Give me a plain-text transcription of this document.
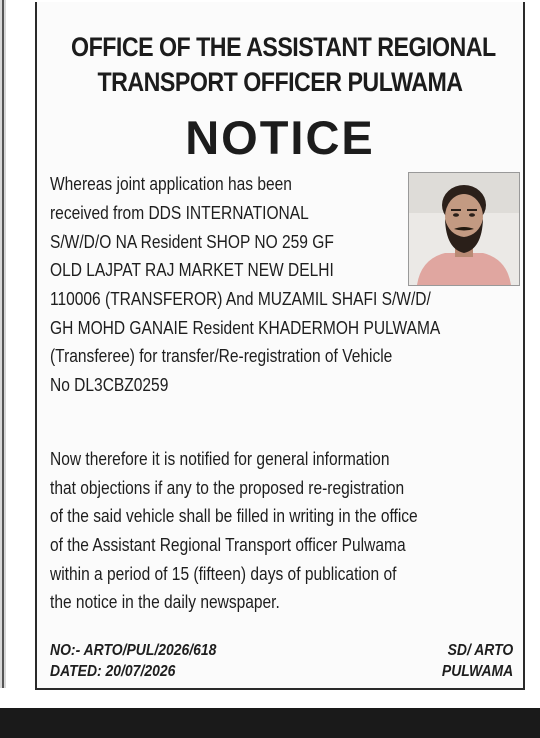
OFFICE OF THE ASSISTANT REGIONAL
TRANSPORT OFFICER PULWAMA
NOTICE
Whereas joint application has been
received from DDS INTERNATIONAL
S/W/D/O NA Resident SHOP NO 259 GF
OLD LAJPAT RAJ MARKET NEW DELHI
110006 (TRANSFEROR) And MUZAMIL SHAFI S/W/D/
GH MOHD GANAIE Resident KHADERMOH PULWAMA
(Transferee) for transfer/Re-registration of Vehicle
No DL3CBZ0259
Now therefore it is notified for general information
that objections if any to the proposed re-registration
of the said vehicle shall be filled in writing in the office
of the Assistant Regional Transport officer Pulwama
within a period of 15 (fifteen) days of publication of
the notice in the daily newspaper.
NO:- ARTO/PUL/2026/618
DATED: 20/07/2026
SD/ ARTO
PULWAMA
